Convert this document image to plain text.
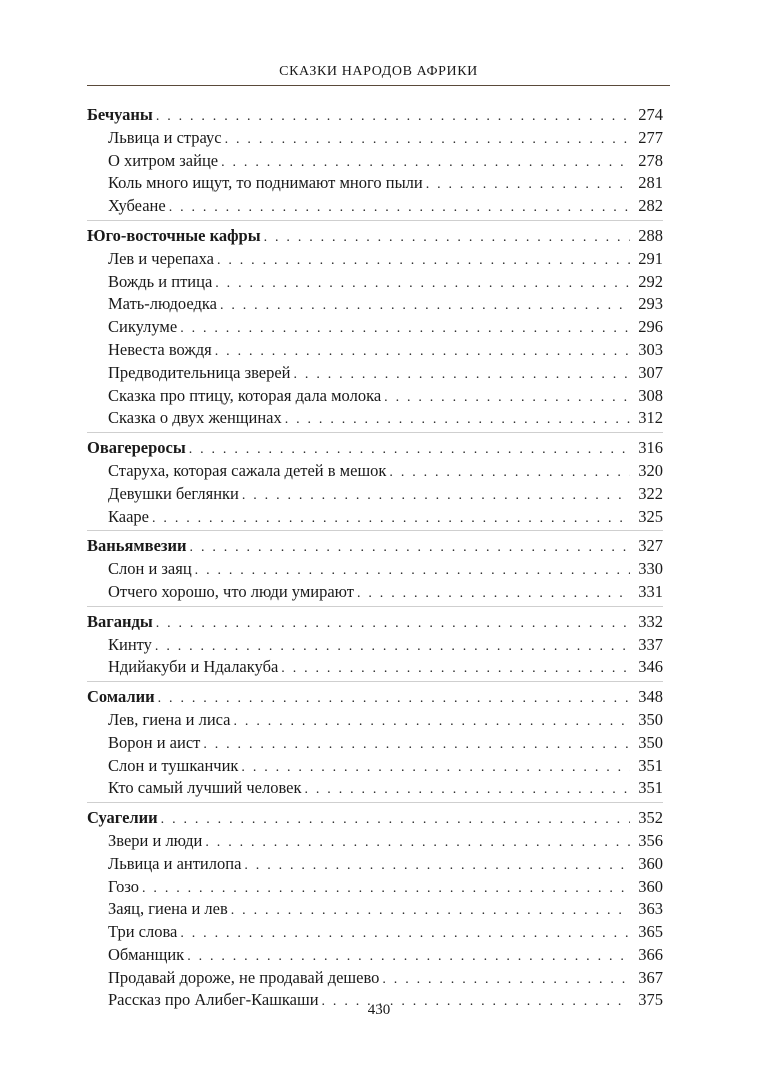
СКАЗКИ НАРОДОВ АФРИКИ
Бечуаны . . .	274
Львица и страус . . .	277
О хитром зайце . . .	278
Коль много ищут, то поднимают много пыли . . .	281
Хубеане . . .	282
Юго-восточные кафры . . .	288
Лев и черепаха . . .	291
Вождь и птица . . .	292
Мать-людоедка . . .	293
Сикулуме . . .	296
Невеста вождя . . .	303
Предводительница зверей . . .	307
Сказка про птицу, которая дала молока . . .	308
Сказка о двух женщинах . . .	312
Овагереросы . . .	316
Старуха, которая сажала детей в мешок . . .	320
Девушки беглянки . . .	322
Кааре . . .	325
Ваньямвезии . . .	327
Слон и заяц . . .	330
Отчего хорошо, что люди умирают . . .	331
Ваганды . . .	332
Кинту . . .	337
Ндийакуби и Ндалакуба . . .	346
Сомалии . . .	348
Лев, гиена и лиса . . .	350
Ворон и аист . . .	350
Слон и тушканчик . . .	351
Кто самый лучший человек . . .	351
Суагелии . . .	352
Звери и люди . . .	356
Львица и антилопа . . .	360
Гозо . . .	360
Заяц, гиена и лев . . .	363
Три слова . . .	365
Обманщик . . .	366
Продавай дороже, не продавай дешево . . .	367
Рассказ про Алибег-Кашкаши . . .	375
430
